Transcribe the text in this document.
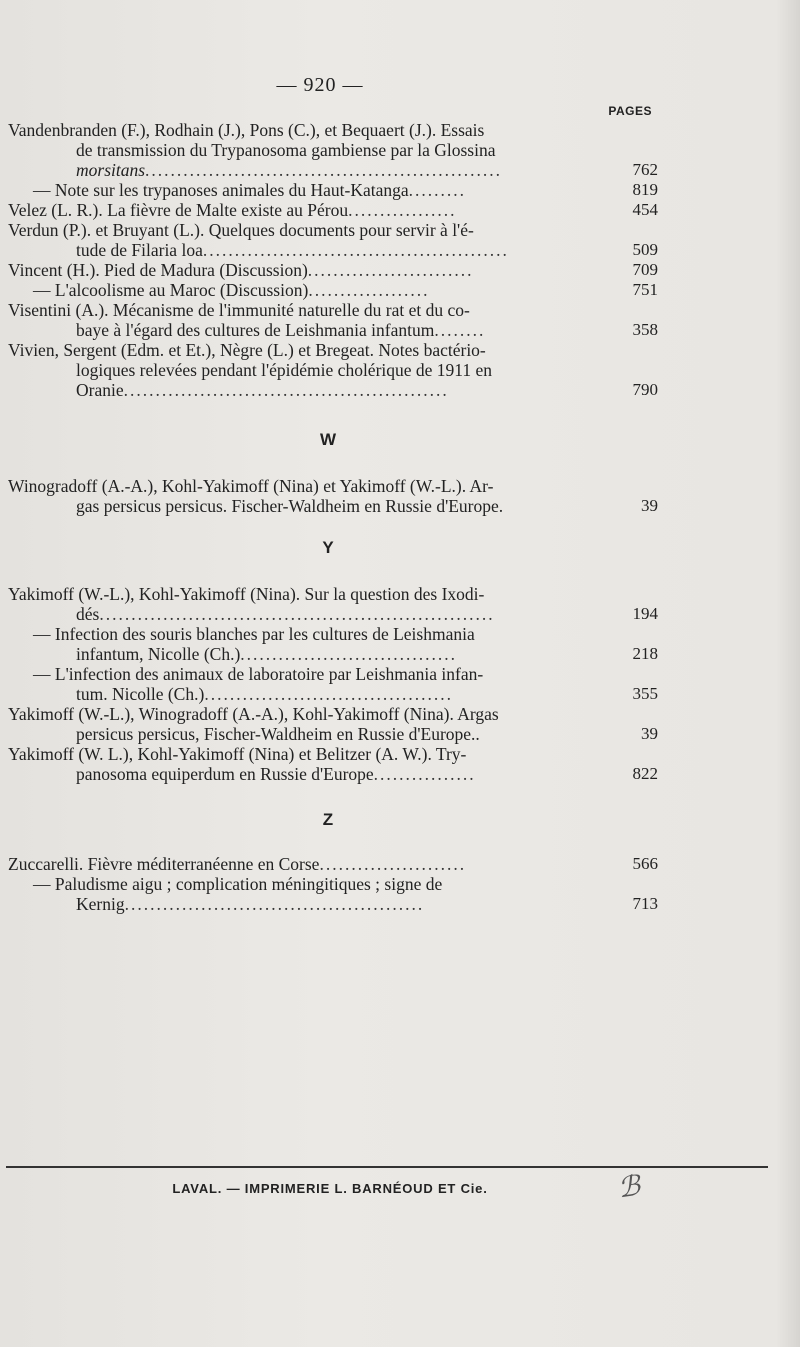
— 920 —
PAGES
Vandenbranden (F.), Rodhain (J.), Pons (C.), et Bequaert (J.). Essais
de transmission du Trypanosoma gambiense par la Glossina
morsitans........................................................	762
— Note sur les trypanoses animales du Haut-Katanga.........	819
Velez (L. R.). La fièvre de Malte existe au Pérou.................	454
Verdun (P.). et Bruyant (L.). Quelques documents pour servir à l'é-
tude de Filaria loa................................................	509
Vincent (H.). Pied de Madura (Discussion)..........................	709
— L'alcoolisme au Maroc (Discussion)...................	751
Visentini (A.). Mécanisme de l'immunité naturelle du rat et du co-
baye à l'égard des cultures de Leishmania infantum........	358
Vivien, Sergent (Edm. et Et.), Nègre (L.) et Bregeat. Notes bactério-
logiques relevées pendant l'épidémie cholérique de 1911 en
Oranie...................................................	790
W
Winogradoff (A.-A.), Kohl-Yakimoff (Nina) et Yakimoff (W.-L.). Ar-
gas persicus persicus. Fischer-Waldheim en Russie d'Europe.	39
Y
Yakimoff (W.-L.), Kohl-Yakimoff (Nina). Sur la question des Ixodi-
dés..............................................................	194
— Infection des souris blanches par les cultures de Leishmania
infantum, Nicolle (Ch.)..................................	218
— L'infection des animaux de laboratoire par Leishmania infan-
tum. Nicolle (Ch.).......................................	355
Yakimoff (W.-L.), Winogradoff (A.-A.), Kohl-Yakimoff (Nina). Argas
persicus persicus, Fischer-Waldheim en Russie d'Europe..	39
Yakimoff (W. L.), Kohl-Yakimoff (Nina) et Belitzer (A. W.). Try-
panosoma equiperdum en Russie d'Europe................	822
Z
Zuccarelli. Fièvre méditerranéenne en Corse.......................	566
— Paludisme aigu ; complication méningitiques ; signe de
Kernig...............................................	713
LAVAL. — IMPRIMERIE L. BARNÉOUD ET Cie.	ℬ
